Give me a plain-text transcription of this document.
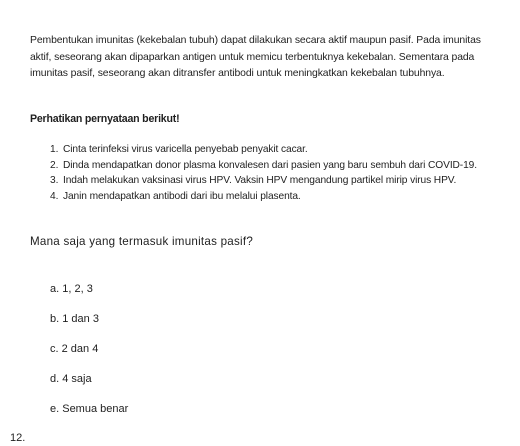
Pembentukan imunitas (kekebalan tubuh) dapat dilakukan secara aktif maupun pasif. Pada imunitas aktif, seseorang akan dipaparkan antigen untuk memicu terbentuknya kekebalan. Sementara pada imunitas pasif, seseorang akan ditransfer antibodi untuk meningkatkan kekebalan tubuhnya.
Perhatikan pernyataan berikut!
1. Cinta terinfeksi virus varicella penyebab penyakit cacar.
2. Dinda mendapatkan donor plasma konvalesen dari pasien yang baru sembuh dari COVID-19.
3. Indah melakukan vaksinasi virus HPV. Vaksin HPV mengandung partikel mirip virus HPV.
4. Janin mendapatkan antibodi dari ibu melalui plasenta.
Mana saja yang termasuk imunitas pasif?
a. 1, 2, 3
b. 1 dan 3
c. 2 dan 4
d. 4 saja
e. Semua benar
12.
